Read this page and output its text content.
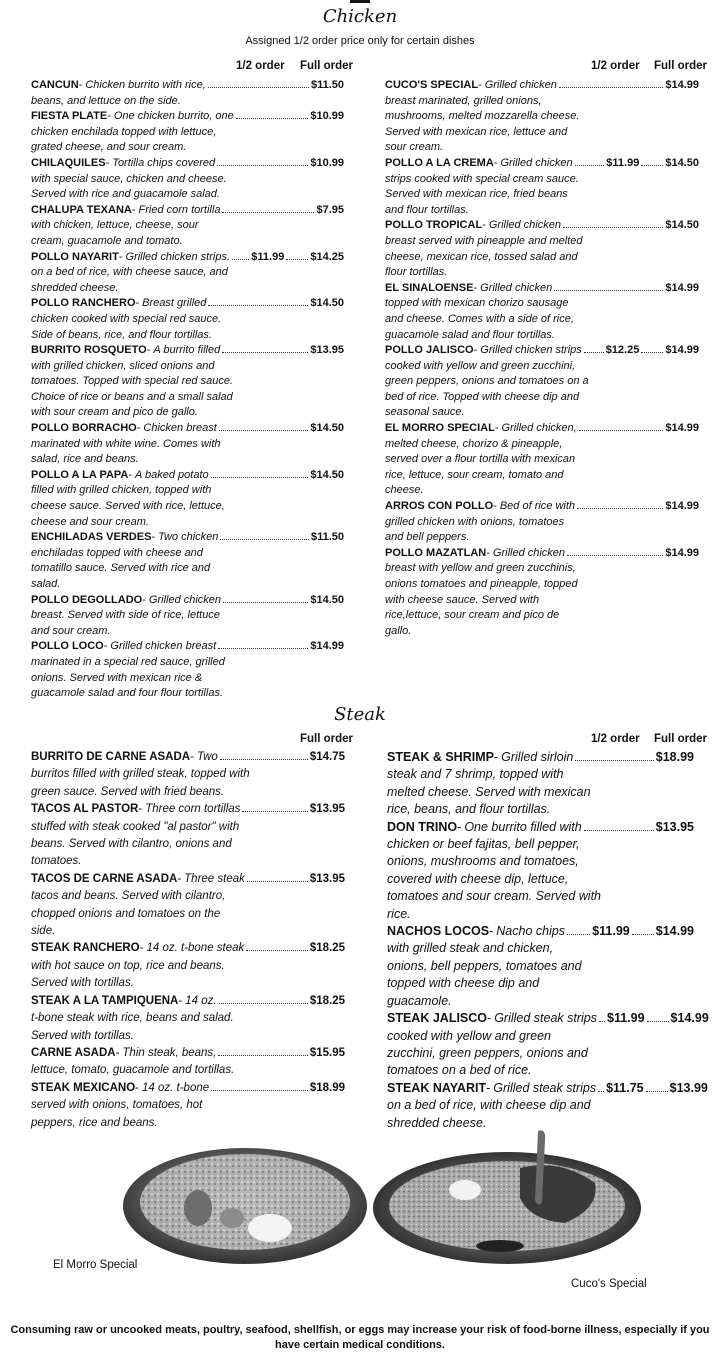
Chicken
Assigned 1/2 order price only for certain dishes
1/2 order Full order	1/2 order Full order
CANCUN - Chicken burrito with rice,	$11.50
beans, and lettuce on the side.
FIESTA PLATE - One chicken burrito, one	$10.99
chicken enchilada topped with lettuce,
grated cheese, and sour cream.
CHILAQUILES - Tortilla chips covered	$10.99
with special sauce, chicken and cheese.
Served with rice and guacamole salad.
CHALUPA TEXANA - Fried corn tortilla	$7.95
with chicken, lettuce, cheese, sour
cream, guacamole and tomato.
POLLO NAYARIT - Grilled chicken strips. $11.99 $14.25
on a bed of rice, with cheese sauce, and
shredded cheese.
POLLO RANCHERO - Breast grilled	$14.50
chicken cooked with special red sauce.
Side of beans, rice, and flour tortillas.
BURRITO ROSQUETO - A burrito filled	$13.95
with grilled chicken, sliced onions and
tomatoes. Topped with special red sauce.
Choice of rice or beans and a small salad
with sour cream and pico de gallo.
POLLO BORRACHO - Chicken breast	$14.50
marinated with white wine. Comes with
salad, rice and beans.
POLLO A LA PAPA - A baked potato	$14.50
filled with grilled chicken, topped with
cheese sauce. Served with rice, lettuce,
cheese and sour cream.
ENCHILADAS VERDES - Two chicken	$11.50
enchiladas topped with cheese and
tomatillo sauce. Served with rice and
salad.
POLLO DEGOLLADO - Grilled chicken	$14.50
breast. Served with side of rice, lettuce
and sour cream.
POLLO LOCO - Grilled chicken breast	$14.99
marinated in a special red sauce, grilled
onions. Served with mexican rice &
guacamole salad and four flour tortillas.
CUCO'S SPECIAL - Grilled chicken	$14.99
breast marinated, grilled onions,
mushrooms, melted mozzarella cheese.
Served with mexican rice, lettuce and
sour cream.
POLLO A LA CREMA - Grilled chicken	$11.99 $14.50
strips cooked with special cream sauce.
Served with mexican rice, fried beans
and flour tortillas.
POLLO TROPICAL - Grilled chicken	$14.50
breast served with pineapple and melted
cheese, mexican rice, tossed salad and
flour tortillas.
EL SINALOENSE - Grilled chicken	$14.99
topped with mexican chorizo sausage
and cheese. Comes with a side of rice,
guacamole salad and flour tortillas.
POLLO JALISCO - Grilled chicken strips $12.25 $14.99
cooked with yellow and green zucchini,
green peppers, onions and tomatoes on a
bed of rice. Topped with cheese dip and
seasonal sauce.
EL MORRO SPECIAL - Grilled chicken,	$14.99
melted cheese, chorizo & pineapple,
served over a flour tortilla with mexican
rice, lettuce, sour cream, tomato and
cheese.
ARROS CON POLLO - Bed of rice with	$14.99
grilled chicken with onions, tomatoes
and bell peppers.
POLLO MAZATLAN - Grilled chicken	$14.99
breast with yellow and green zucchinis,
onions tomatoes and pineapple, topped
with cheese sauce. Served with
rice,lettuce, sour cream and pico de
gallo.
Steak
Full order	1/2 order Full order
BURRITO DE CARNE ASADA - Two	$14.75
burritos filled with grilled steak, topped with
green sauce. Served with fried beans.
TACOS AL PASTOR - Three corn tortillas	$13.95
stuffed with steak cooked "al pastor" with
beans. Served with cilantro, onions and
tomatoes.
TACOS DE CARNE ASADA - Three steak	$13.95
tacos and beans. Served with cilantro,
chopped onions and tomatoes on the
side.
STEAK RANCHERO - 14 oz. t-bone steak	$18.25
with hot sauce on top, rice and beans.
Served with tortillas.
STEAK A LA TAMPIQUENA - 14 oz.	$18.25
t-bone steak with rice, beans and salad.
Served with tortillas.
CARNE ASADA - Thin steak, beans,	$15.95
lettuce, tomato, guacamole and tortillas.
STEAK MEXICANO - 14 oz. t-bone	$18.99
served with onions, tomatoes, hot
peppers, rice and beans.
STEAK & SHRIMP - Grilled sirloin	$18.99
steak and 7 shrimp, topped with
melted cheese. Served with mexican
rice, beans, and flour tortillas.
DON TRINO - One burrito filled with	$13.95
chicken or beef fajitas, bell pepper,
onions, mushrooms and tomatoes,
covered with cheese dip, lettuce,
tomatoes and sour cream. Served with
rice.
NACHOS LOCOS - Nacho chips $11.99 $14.99
with grilled steak and chicken,
onions, bell peppers, tomatoes and
topped with cheese dip and
guacamole.
STEAK JALISCO - Grilled steak strips $11.99 $14.99
cooked with yellow and green
zucchini, green peppers, onions and
tomatoes on a bed of rice.
STEAK NAYARIT - Grilled steak strips $11.75 $13.99
on a bed of rice, with cheese dip and
shredded cheese.
El Morro Special
Cuco's Special
Consuming raw or uncooked meats, poultry, seafood, shellfish, or eggs may increase your risk of food-borne illness, especially if you
have certain medical conditions.
